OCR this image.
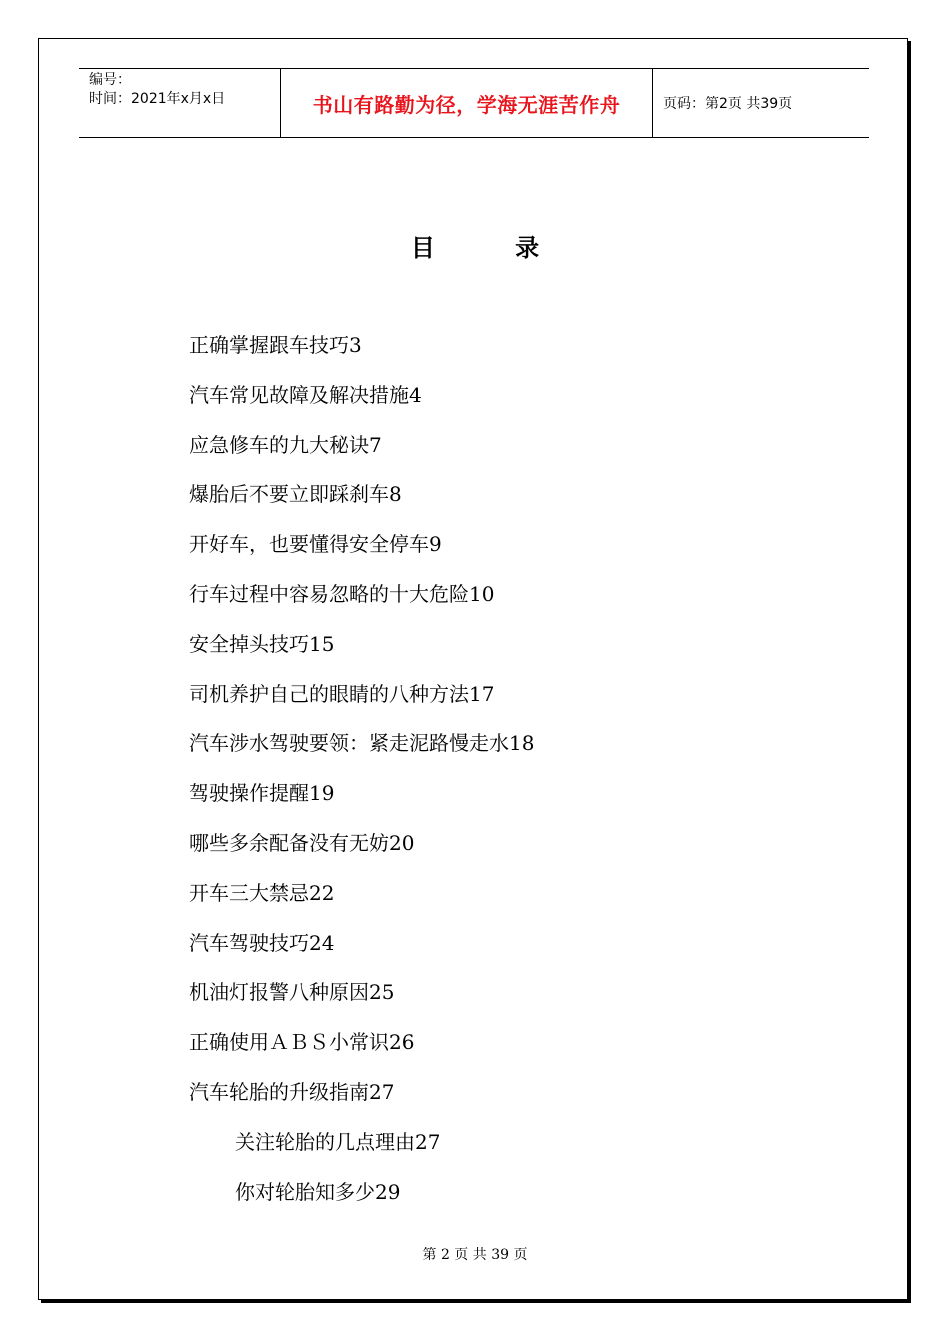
编号：
时间：2021年x月x日	书山有路勤为径，学海无涯苦作舟	页码：第2页 共39页
目 录
正确掌握跟车技巧3
汽车常见故障及解决措施4
应急修车的九大秘诀7
爆胎后不要立即踩刹车8
开好车，也要懂得安全停车9
行车过程中容易忽略的十大危险10
安全掉头技巧15
司机养护自己的眼睛的八种方法17
汽车涉水驾驶要领：紧走泥路慢走水18
驾驶操作提醒19
哪些多余配备没有无妨20
开车三大禁忌22
汽车驾驶技巧24
机油灯报警八种原因25
正确使用ＡＢＳ小常识26
汽车轮胎的升级指南27
关注轮胎的几点理由27
你对轮胎知多少29
第 2 页 共 39 页
